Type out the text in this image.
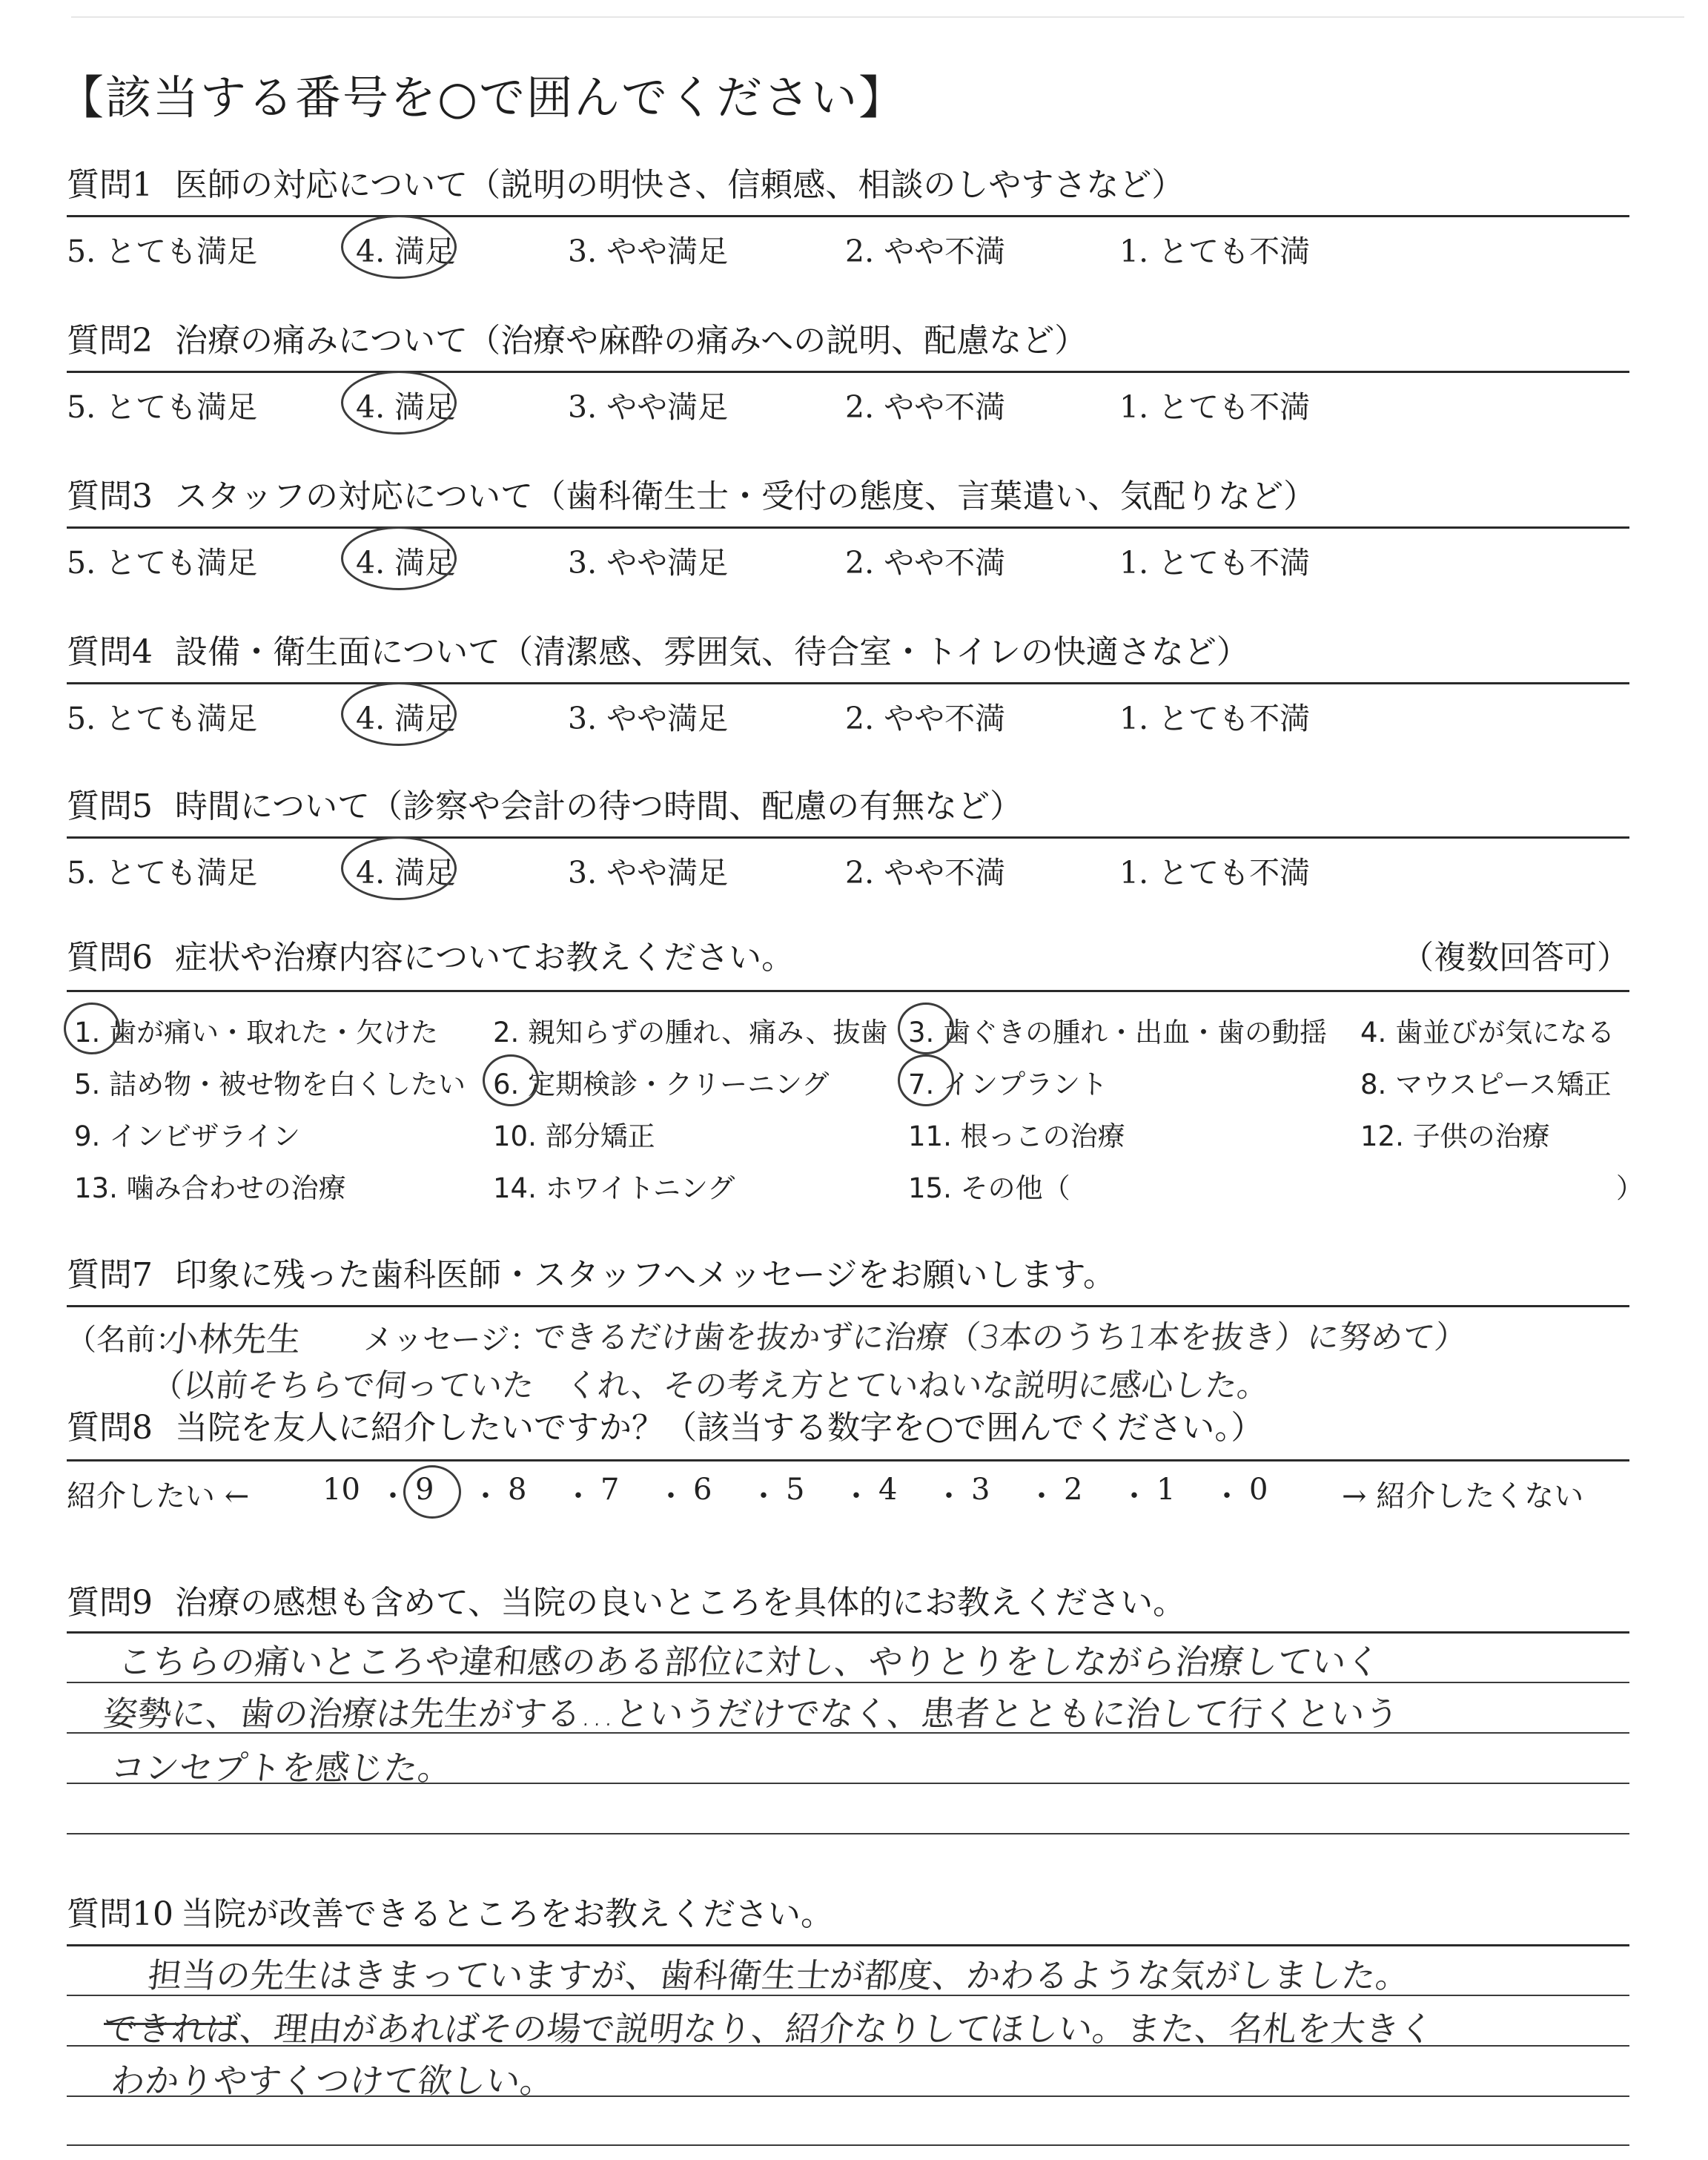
【該当する番号を○で囲んでください】
質問6 症状や治療内容についてお教えください。	（複数回答可）
1. 歯が痛い・取れた・欠けた 2. 親知らずの腫れ、痛み、抜歯 3. 歯ぐきの腫れ・出血・歯の動揺 4. 歯並びが気になる
5. 詰め物・被せ物を白くしたい 6. 定期検診・クリーニング	7. インプラント	8. マウスピース矯正
9. インビザライン	10. 部分矯正	11. 根っこの治療	12. 子供の治療
13. 噛み合わせの治療	14. ホワイトニング	15. その他（	）
質問7 印象に残った歯科医師・スタッフへメッセージをお願いします。
（名前：	メッセージ：
小林先生	できるだけ歯を抜かずに治療（3本のうち1本を抜き）に努めて）
（以前そちらで伺っていた　くれ、その考え方とていねいな説明に感心した。
質問8 当院を友人に紹介したいですか？（該当する数字を○で囲んでください。）
紹介したい ←	→ 紹介したくない
10 ・ 9 ・ 8 ・ 7 ・ 6 ・ 5 ・ 4 ・ 3 ・ 2 ・ 1 ・ 0
質問9 治療の感想も含めて、当院の良いところを具体的にお教えください。
こちらの痛いところや違和感のある部位に対し、やりとりをしながら治療していく
姿勢に、歯の治療は先生がする…というだけでなく、患者とともに治して行くという
コンセプトを感じた。
質問10 当院が改善できるところをお教えください。
担当の先生はきまっていますが、歯科衛生士が都度、かわるような気がしました。
できれば、理由があればその場で説明なり、紹介なりしてほしい。また、名札を大きく
わかりやすくつけて欲しい。
質問1 医師の対応について（説明の明快さ、信頼感、相談のしやすさなど）
5. とても満足	4. 満足	3. やや満足	2. やや不満	1. とても不満
質問2 治療の痛みについて（治療や麻酔の痛みへの説明、配慮など）
5. とても満足	4. 満足	3. やや満足	2. やや不満	1. とても不満
質問3 スタッフの対応について（歯科衛生士・受付の態度、言葉遣い、気配りなど）
5. とても満足	4. 満足	3. やや満足	2. やや不満	1. とても不満
質問4 設備・衛生面について（清潔感、雰囲気、待合室・トイレの快適さなど）
5. とても満足	4. 満足	3. やや満足	2. やや不満	1. とても不満
質問5 時間について（診察や会計の待つ時間、配慮の有無など）
5. とても満足	4. 満足	3. やや満足	2. やや不満	1. とても不満
